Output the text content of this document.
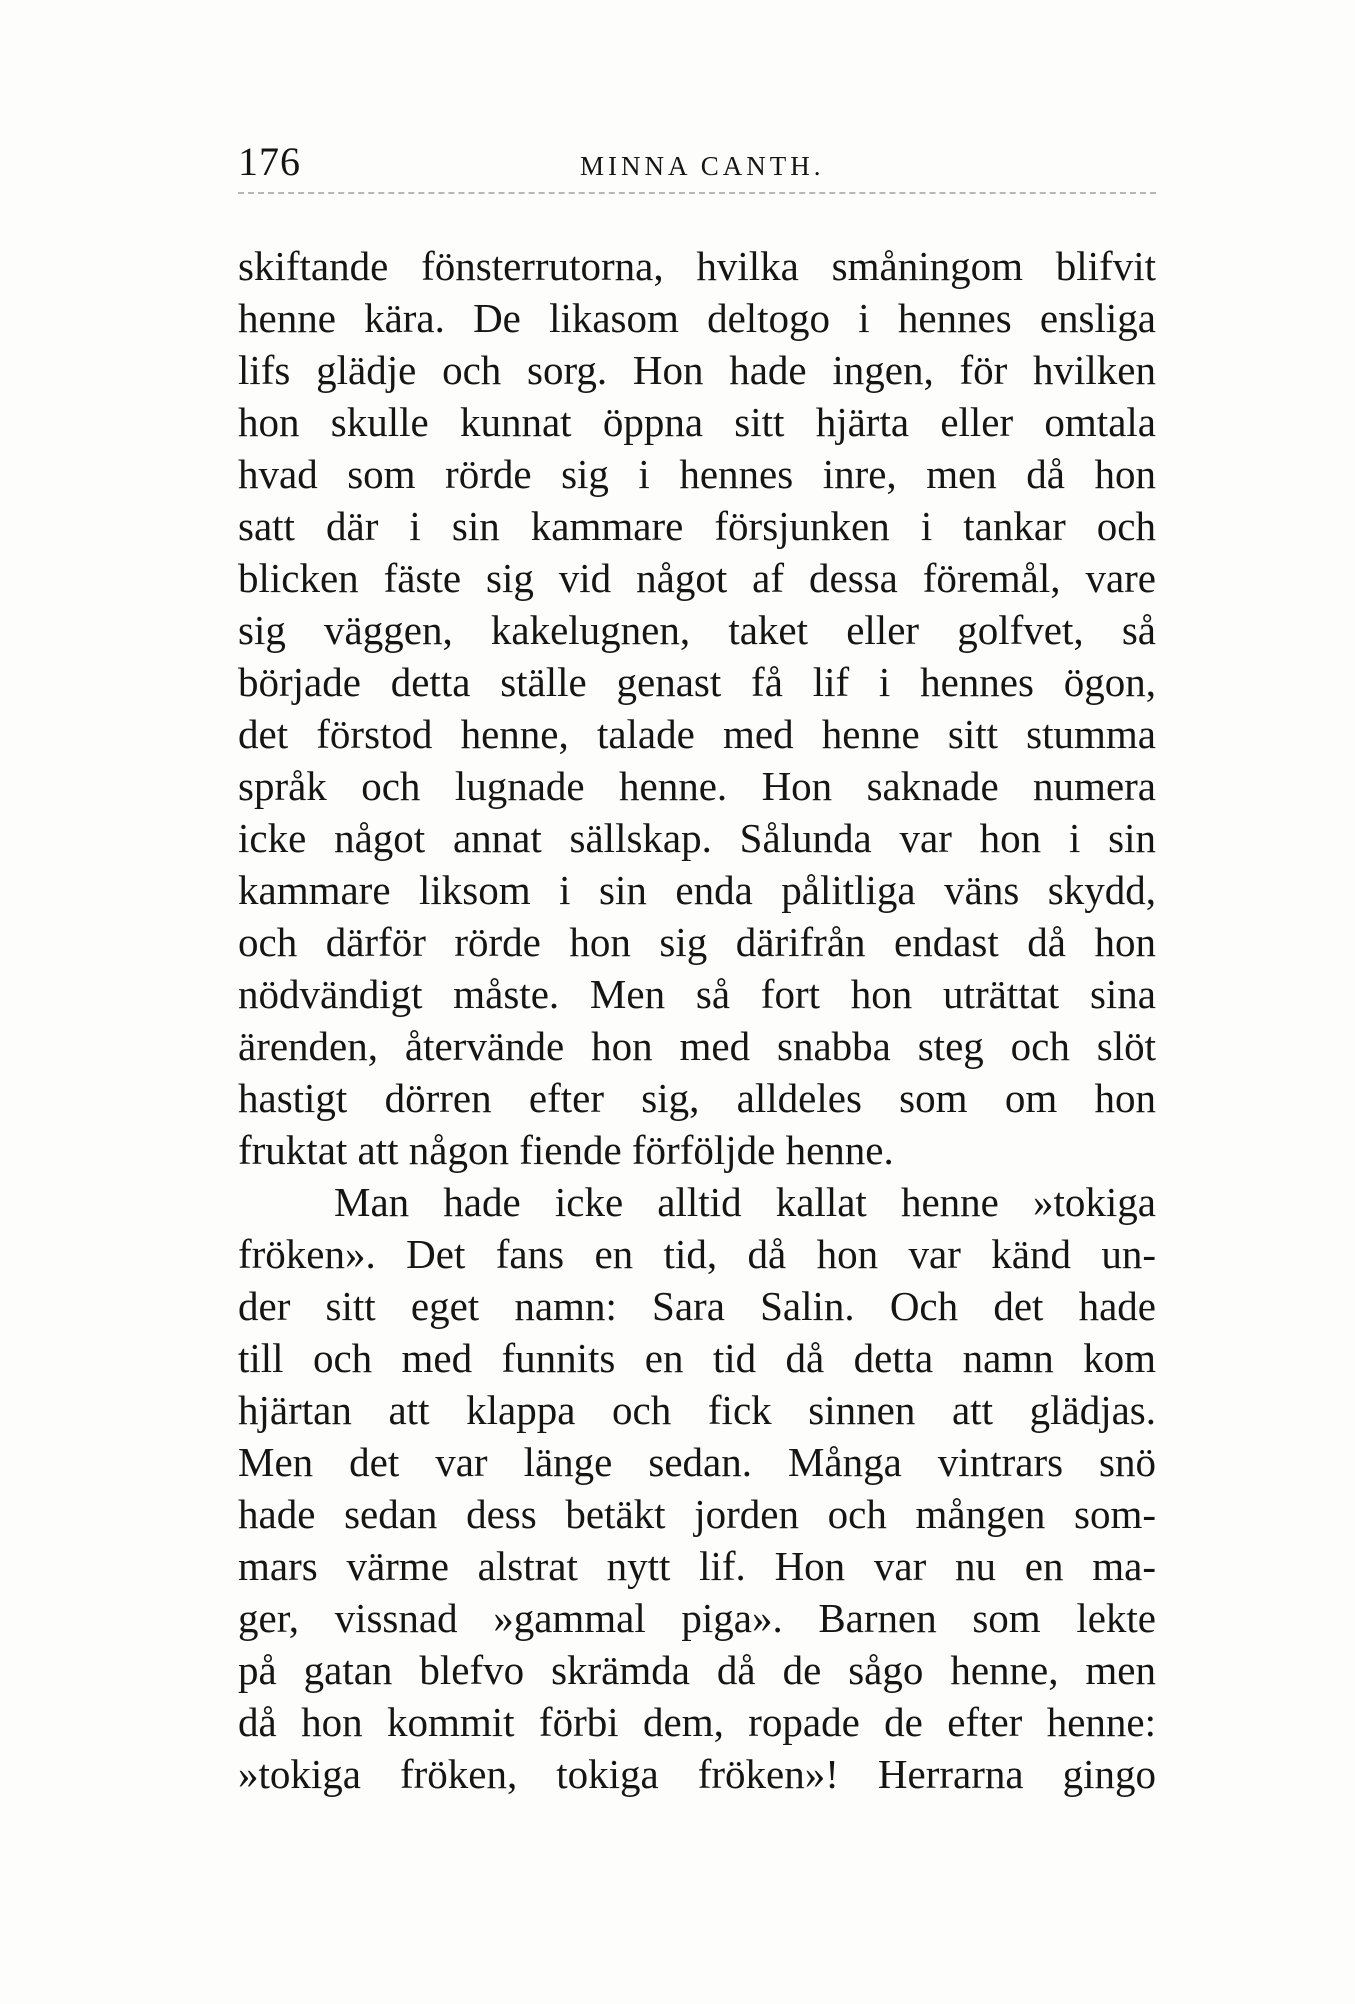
176	MINNA CANTH.
skiftande fönsterrutorna, hvilka småningom blifvit
henne kära. De likasom deltogo i hennes ensliga
lifs glädje och sorg. Hon hade ingen, för hvilken
hon skulle kunnat öppna sitt hjärta eller omtala
hvad som rörde sig i hennes inre, men då hon
satt där i sin kammare försjunken i tankar och
blicken fäste sig vid något af dessa föremål, vare
sig väggen, kakelugnen, taket eller golfvet, så
började detta ställe genast få lif i hennes ögon,
det förstod henne, talade med henne sitt stumma
språk och lugnade henne. Hon saknade numera
icke något annat sällskap. Sålunda var hon i sin
kammare liksom i sin enda pålitliga väns skydd,
och därför rörde hon sig därifrån endast då hon
nödvändigt måste. Men så fort hon uträttat sina
ärenden, återvände hon med snabba steg och slöt
hastigt dörren efter sig, alldeles som om hon
fruktat att någon fiende förföljde henne.
Man hade icke alltid kallat henne »tokiga
fröken». Det fans en tid, då hon var känd un-
der sitt eget namn: Sara Salin. Och det hade
till och med funnits en tid då detta namn kom
hjärtan att klappa och fick sinnen att glädjas.
Men det var länge sedan. Många vintrars snö
hade sedan dess betäkt jorden och mången som-
mars värme alstrat nytt lif. Hon var nu en ma-
ger, vissnad »gammal piga». Barnen som lekte
på gatan blefvo skrämda då de sågo henne, men
då hon kommit förbi dem, ropade de efter henne:
»tokiga fröken, tokiga fröken»! Herrarna gingo
